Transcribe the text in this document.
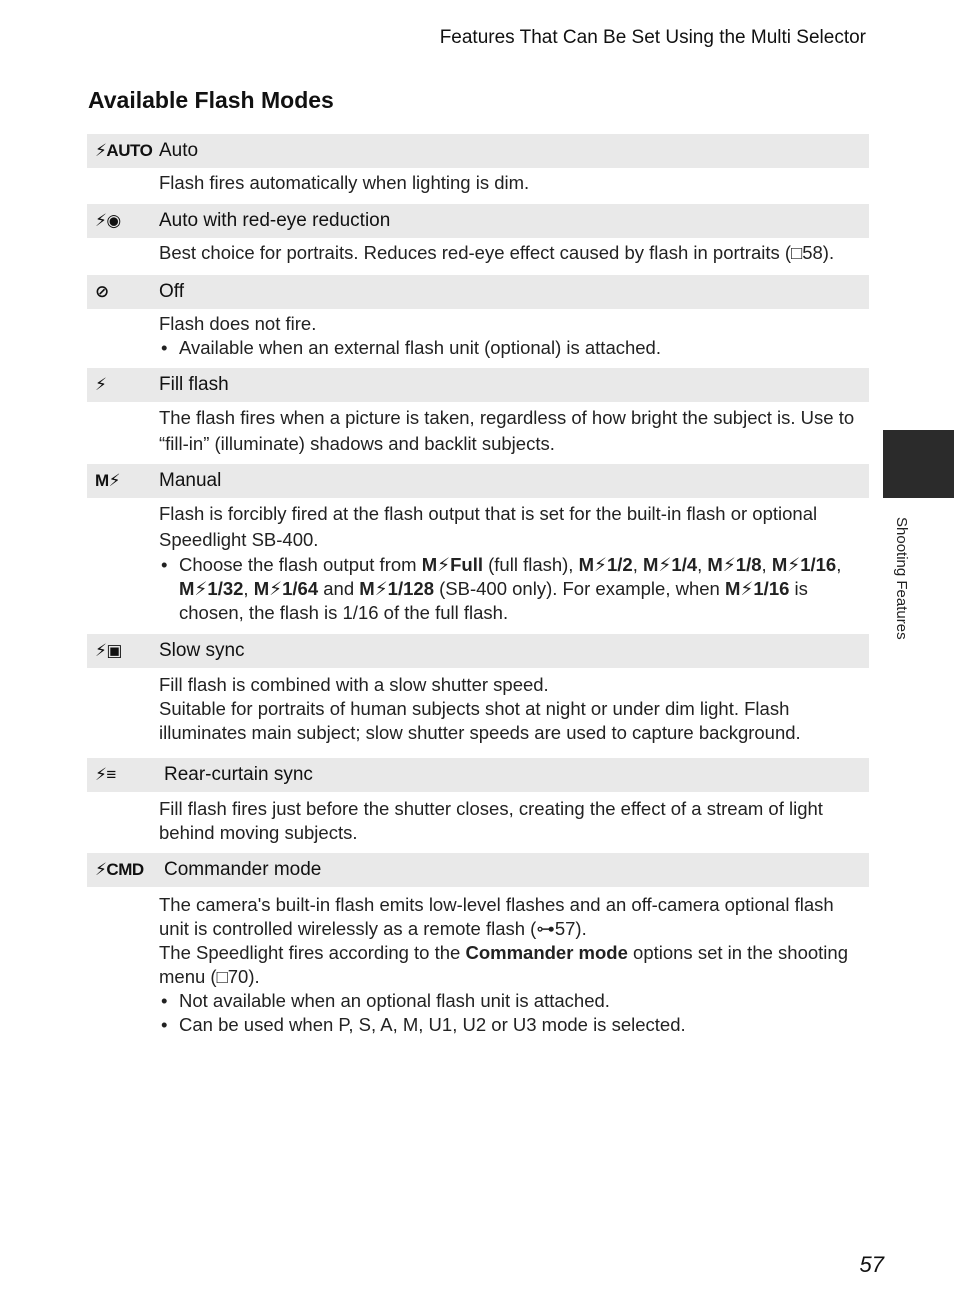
Features That Can Be Set Using the Multi Selector
Available Flash Modes
⚡AUTO Auto

Flash fires automatically when lighting is dim.

⚡◉ Auto with red-eye reduction

Best choice for portraits. Reduces red-eye effect caused by flash in portraits (□58).

⊘	Off

Flash does not fire.

• Available when an external flash unit (optional) is attached.

⚡	Fill flash

The flash fires when a picture is taken, regardless of how bright the subject is. Use to “fill-in” (illuminate) shadows and backlit subjects.

M⚡ Manual

Flash is forcibly fired at the flash output that is set for the built-in flash or optional Speedlight SB-400.

• Choose the flash output from M⚡Full (full flash), M⚡1/2, M⚡1/4, M⚡1/8, M⚡1/16, M⚡1/32, M⚡1/64 and M⚡1/128 (SB-400 only). For example, when M⚡1/16 is chosen, the flash is 1/16 of the full flash.

⚡▣ Slow sync

Fill flash is combined with a slow shutter speed.

Suitable for portraits of human subjects shot at night or under dim light. Flash illuminates main subject; slow shutter speeds are used to capture background.

⚡≡	Rear-curtain sync

Fill flash fires just before the shutter closes, creating the effect of a stream of light behind moving subjects.

⚡CMD Commander mode

The camera's built-in flash emits low-level flashes and an off-camera optional flash unit is controlled wirelessly as a remote flash (⊶57).

The Speedlight fires according to the Commander mode options set in the shooting menu (□70).

• Not available when an optional flash unit is attached.

• Can be used when P, S, A, M, U1, U2 or U3 mode is selected.

Shooting Features
57
